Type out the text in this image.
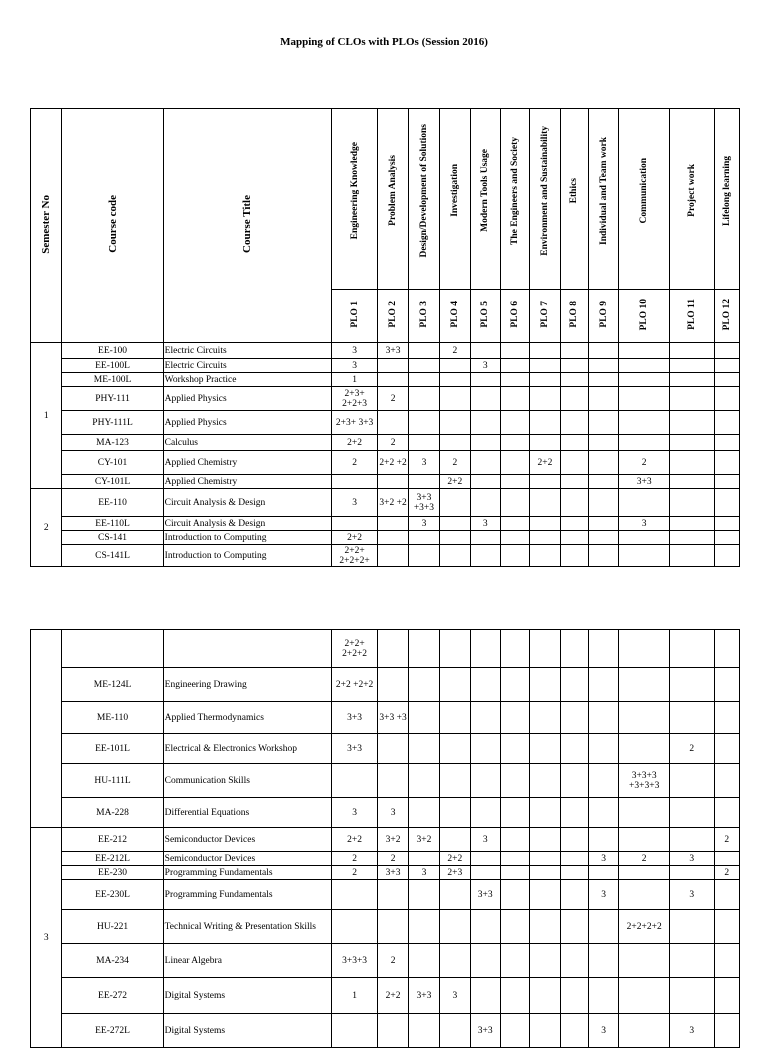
Mapping of CLOs with PLOs (Session 2016)
Semester No	Course code	Course Title	Engineering Knowledge	Problem Analysis	Design/Development of Solutions	Investigation	Modern Tools Usage	The Engineers and Society	Environment and Sustainability	Ethics	Individual and Team work	Communication	Project work	Lifelong learning
			PLO 1	PLO 2	PLO 3	PLO 4	PLO 5	PLO 6	PLO 7	PLO 8	PLO 9	PLO 10	PLO 11	PLO 12
1	EE-100	Electric Circuits	3	3+3		2								
	EE-100L	Electric Circuits	3				3							
	ME-100L	Workshop Practice	1											
	PHY-111	Applied Physics	2+3+ 2+2+3	2										
	PHY-111L	Applied Physics	2+3+ 3+3											
	MA-123	Calculus	2+2	2										
	CY-101	Applied Chemistry	2	2+2 +2	3	2			2+2			2		
	CY-101L	Applied Chemistry				2+2						3+3		
2	EE-110	Circuit Analysis & Design	3	3+2 +2	3+3 +3+3									
	EE-110L	Circuit Analysis & Design			3		3					3		
	CS-141	Introduction to Computing	2+2											
	CS-141L	Introduction to Computing	2+2+ 2+2+2+											
			2+2+ 2+2+2											
	ME-124L	Engineering Drawing	2+2 +2+2											
	ME-110	Applied Thermodynamics	3+3	3+3 +3										
	EE-101L	Electrical & Electronics Workshop	3+3										2	
	HU-111L	Communication Skills										3+3+3 +3+3+3		
	MA-228	Differential Equations	3	3										
3	EE-212	Semiconductor Devices	2+2	3+2	3+2		3							2
	EE-212L	Semiconductor Devices	2	2		2+2					3	2	3	
	EE-230	Programming Fundamentals	2	3+3	3	2+3								2
	EE-230L	Programming Fundamentals					3+3				3		3	
	HU-221	Technical Writing & Presentation Skills										2+2+2+2		
	MA-234	Linear Algebra	3+3+3	2										
	EE-272	Digital Systems	1	2+2	3+3	3								
	EE-272L	Digital Systems					3+3				3		3	
